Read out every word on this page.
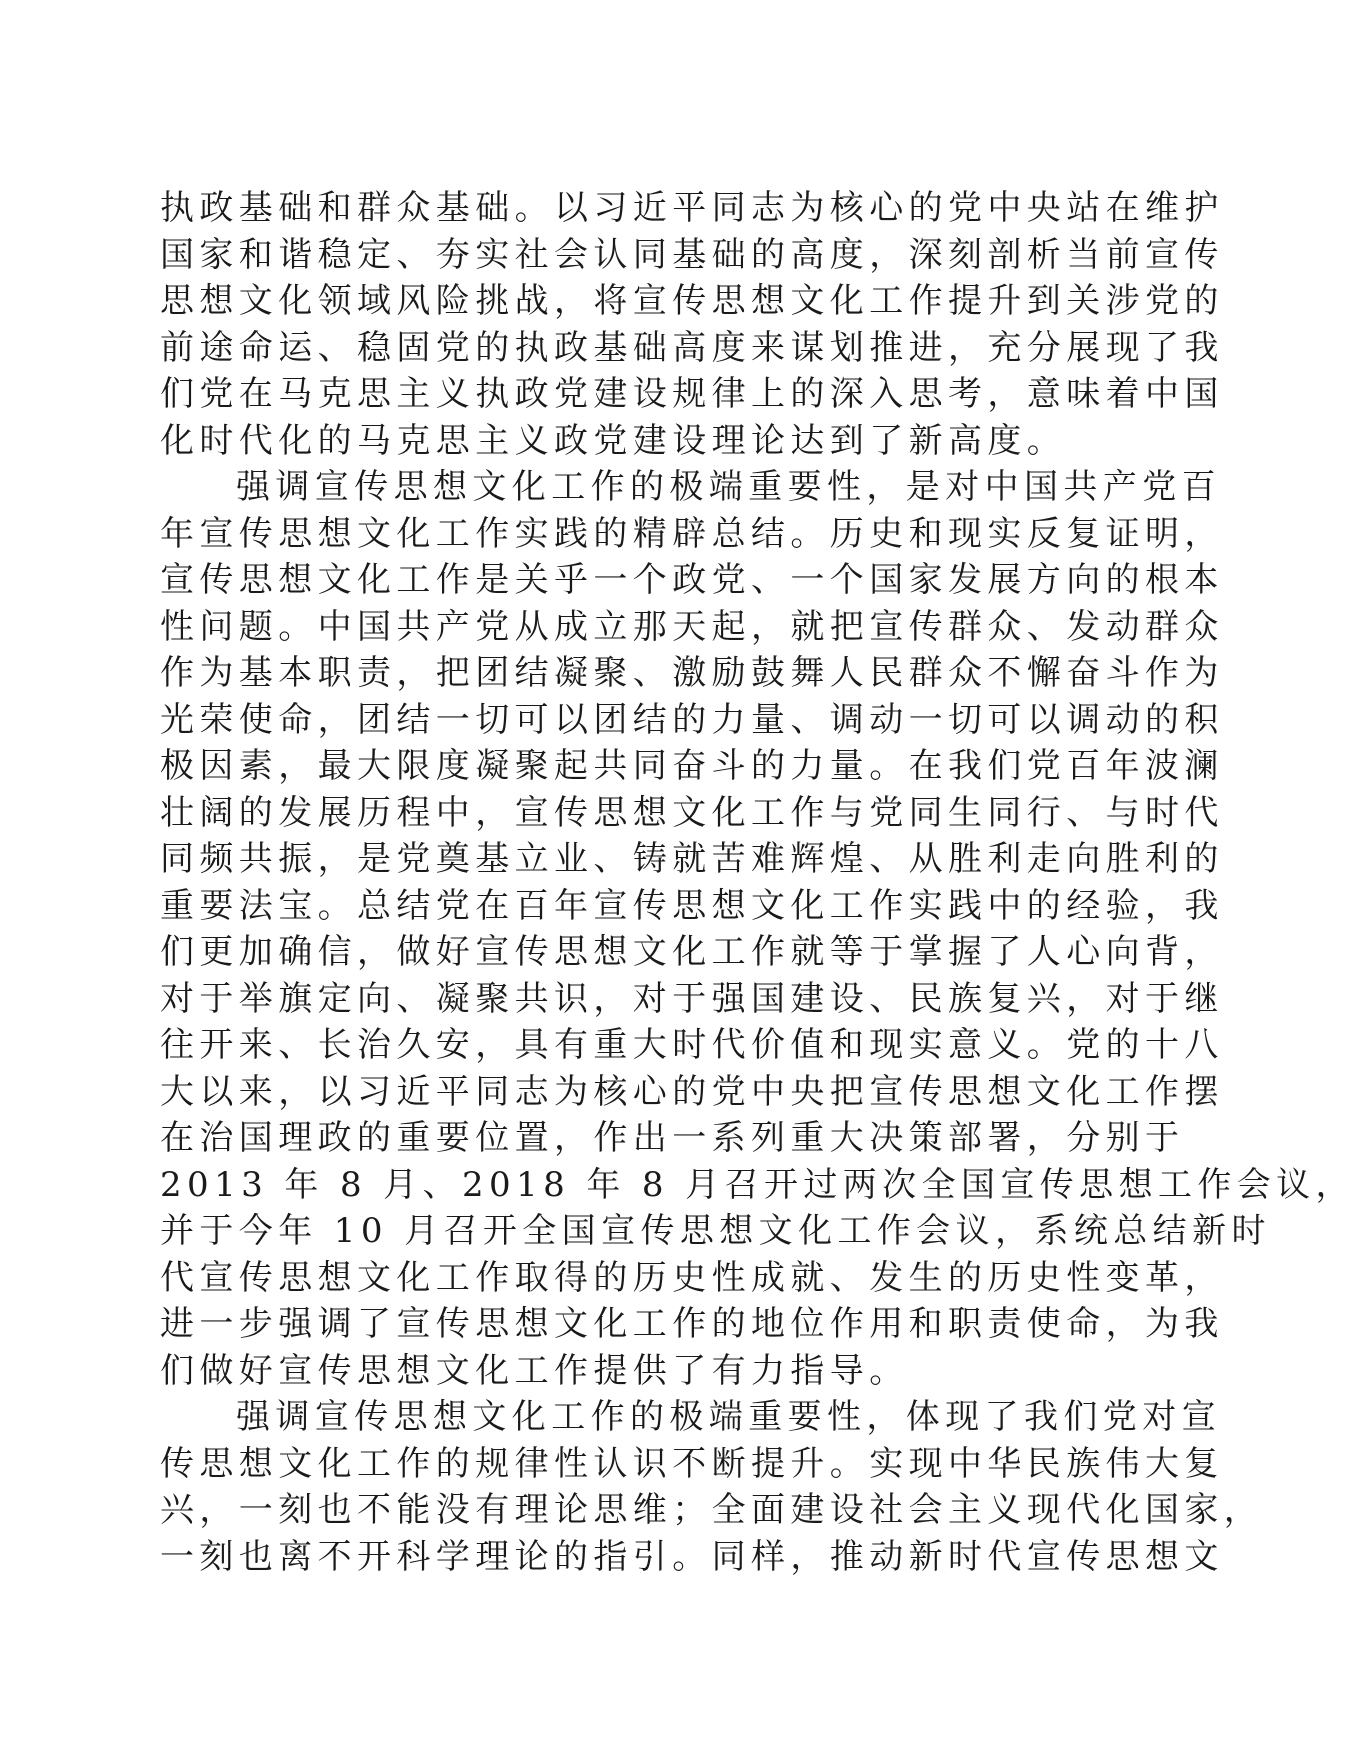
执政基础和群众基础。以习近平同志为核心的党中央站在维护
国家和谐稳定、夯实社会认同基础的高度，深刻剖析当前宣传
思想文化领域风险挑战，将宣传思想文化工作提升到关涉党的
前途命运、稳固党的执政基础高度来谋划推进，充分展现了我
们党在马克思主义执政党建设规律上的深入思考，意味着中国
化时代化的马克思主义政党建设理论达到了新高度。
强调宣传思想文化工作的极端重要性，是对中国共产党百
年宣传思想文化工作实践的精辟总结。历史和现实反复证明，
宣传思想文化工作是关乎一个政党、一个国家发展方向的根本
性问题。中国共产党从成立那天起，就把宣传群众、发动群众
作为基本职责，把团结凝聚、激励鼓舞人民群众不懈奋斗作为
光荣使命，团结一切可以团结的力量、调动一切可以调动的积
极因素，最大限度凝聚起共同奋斗的力量。在我们党百年波澜
壮阔的发展历程中，宣传思想文化工作与党同生同行、与时代
同频共振，是党奠基立业、铸就苦难辉煌、从胜利走向胜利的
重要法宝。总结党在百年宣传思想文化工作实践中的经验，我
们更加确信，做好宣传思想文化工作就等于掌握了人心向背，
对于举旗定向、凝聚共识，对于强国建设、民族复兴，对于继
往开来、长治久安，具有重大时代价值和现实意义。党的十八
大以来，以习近平同志为核心的党中央把宣传思想文化工作摆
在治国理政的重要位置，作出一系列重大决策部署，分别于
2013 年 8 月、2018 年 8 月召开过两次全国宣传思想工作会议，
并于今年 10 月召开全国宣传思想文化工作会议，系统总结新时
代宣传思想文化工作取得的历史性成就、发生的历史性变革，
进一步强调了宣传思想文化工作的地位作用和职责使命，为我
们做好宣传思想文化工作提供了有力指导。
强调宣传思想文化工作的极端重要性，体现了我们党对宣
传思想文化工作的规律性认识不断提升。实现中华民族伟大复
兴，一刻也不能没有理论思维；全面建设社会主义现代化国家，
一刻也离不开科学理论的指引。同样，推动新时代宣传思想文
